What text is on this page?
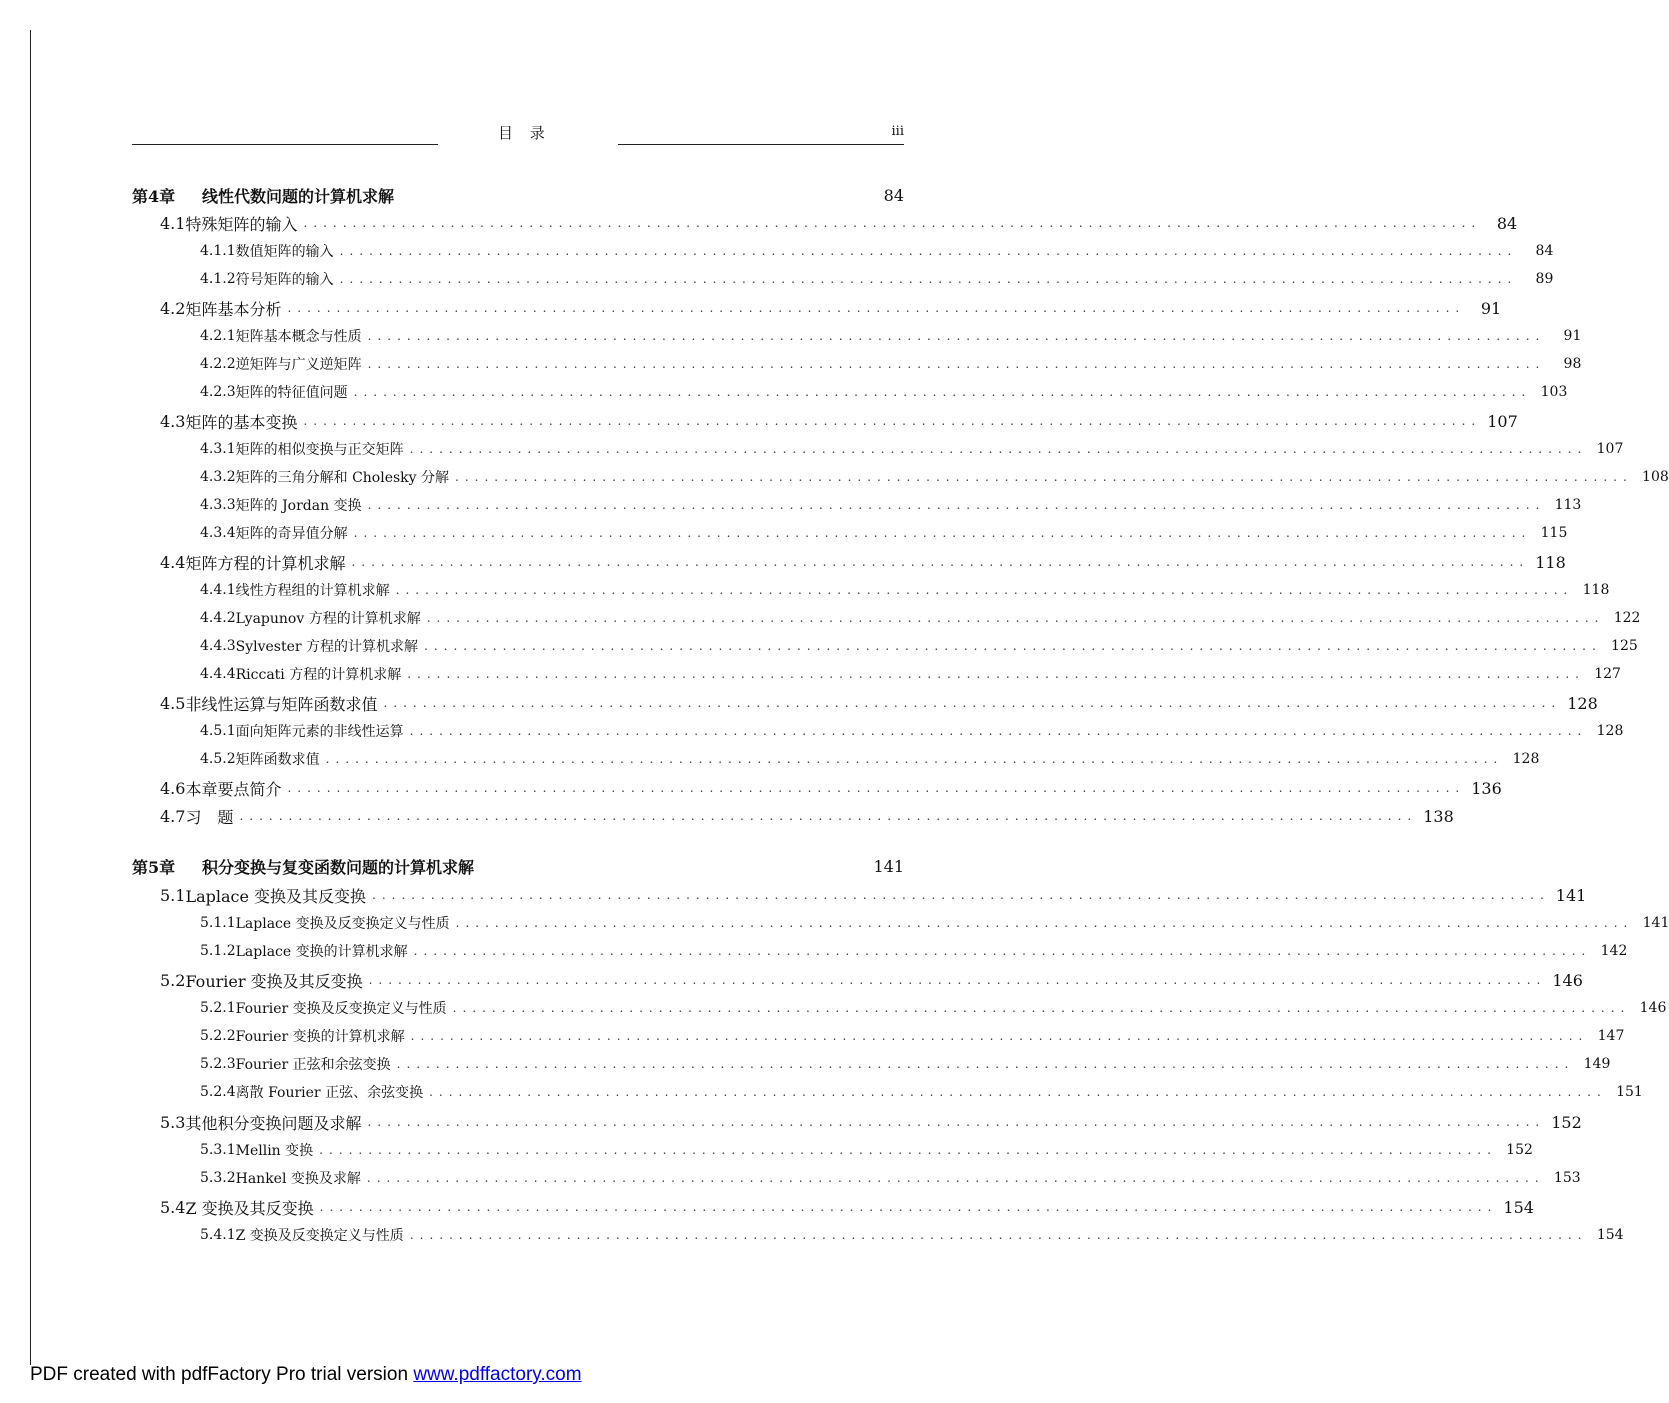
目 录	iii
第4章	线性代数问题的计算机求解	84
4.1 特殊矩阵的输入 ........................................................................................................................ 84
4.1.1 数值矩阵的输入 ........................................................................................................................	84
4.1.2 符号矩阵的输入 ........................................................................................................................	89
4.2 矩阵基本分析 ........................................................................................................................ 91
4.2.1 矩阵基本概念与性质 ........................................................................................................................	91
4.2.2 逆矩阵与广义逆矩阵 ........................................................................................................................	98
4.2.3 矩阵的特征值问题 ........................................................................................................................ 103
4.3 矩阵的基本变换 ........................................................................................................................ 107
4.3.1 矩阵的相似变换与正交矩阵 ........................................................................................................................ 107
4.3.2 矩阵的三角分解和 Cholesky 分解 ........................................................................................................................ 108
4.3.3 矩阵的 Jordan 变换 ........................................................................................................................ 113
4.3.4 矩阵的奇异值分解 ........................................................................................................................ 115
4.4 矩阵方程的计算机求解 ........................................................................................................................ 118
4.4.1 线性方程组的计算机求解 ........................................................................................................................ 118
4.4.2 Lyapunov 方程的计算机求解 ........................................................................................................................ 122
4.4.3 Sylvester 方程的计算机求解 ........................................................................................................................ 125
4.4.4 Riccati 方程的计算机求解 ........................................................................................................................ 127
4.5 非线性运算与矩阵函数求值 ........................................................................................................................ 128
4.5.1 面向矩阵元素的非线性运算 ........................................................................................................................ 128
4.5.2 矩阵函数求值 ........................................................................................................................ 128
4.6 本章要点简介 ........................................................................................................................ 136
4.7 习　题 ........................................................................................................................ 138
第5章	积分变换与复变函数问题的计算机求解	141
5.1 Laplace 变换及其反变换 ........................................................................................................................ 141
5.1.1 Laplace 变换及反变换定义与性质 ........................................................................................................................ 141
5.1.2 Laplace 变换的计算机求解 ........................................................................................................................ 142
5.2 Fourier 变换及其反变换 ........................................................................................................................ 146
5.2.1 Fourier 变换及反变换定义与性质 ........................................................................................................................ 146
5.2.2 Fourier 变换的计算机求解 ........................................................................................................................ 147
5.2.3 Fourier 正弦和余弦变换 ........................................................................................................................ 149
5.2.4 离散 Fourier 正弦、余弦变换 ........................................................................................................................ 151
5.3 其他积分变换问题及求解 ........................................................................................................................ 152
5.3.1 Mellin 变换 ........................................................................................................................ 152
5.3.2 Hankel 变换及求解 ........................................................................................................................ 153
5.4 Z 变换及其反变换 ........................................................................................................................ 154
5.4.1 Z 变换及反变换定义与性质 ........................................................................................................................ 154
PDF created with pdfFactory Pro trial version www.pdffactory.com
